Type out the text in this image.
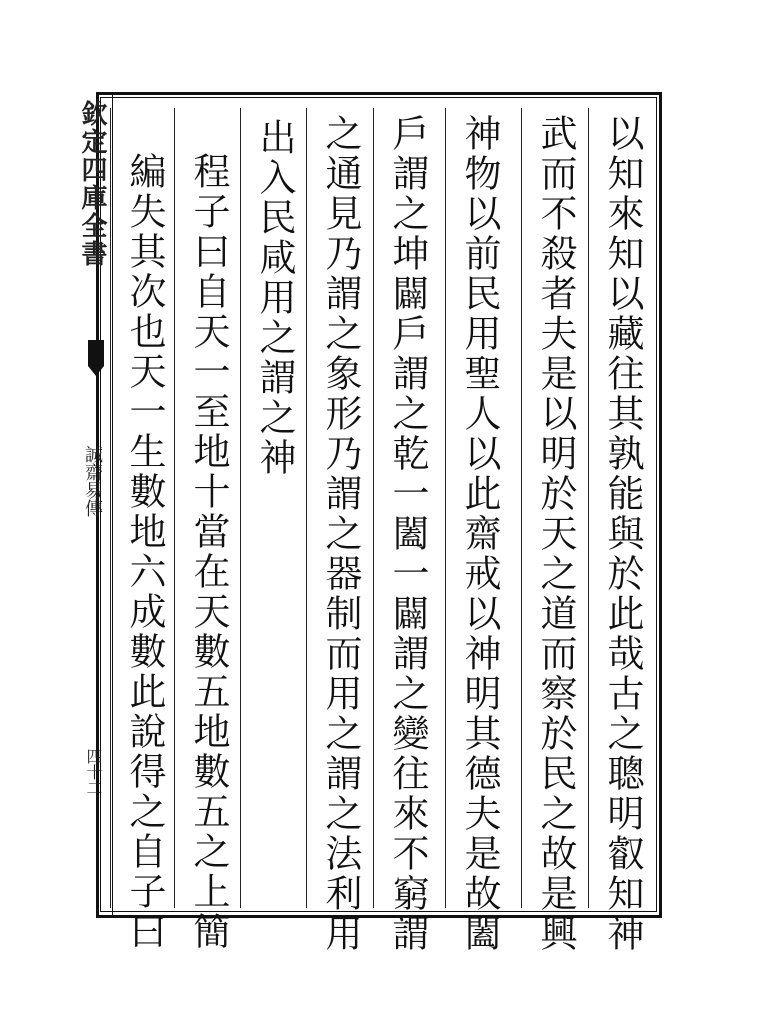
欽定四庫全書
誠齋易傳
四十二	以知來知以藏往其孰能與於此哉古之聰明叡知神
武而不殺者夫是以明於天之道而察於民之故是興
神物以前民用聖人以此齋戒以神明其德夫是故闔
戶謂之坤闢戶謂之乾一闔一闢謂之變往來不窮謂
之通見乃謂之象形乃謂之器制而用之謂之法利用
出入民咸用之謂之神
程子曰自天一至地十當在天數五地數五之上簡
編失其次也天一生數地六成數此說得之自子曰
